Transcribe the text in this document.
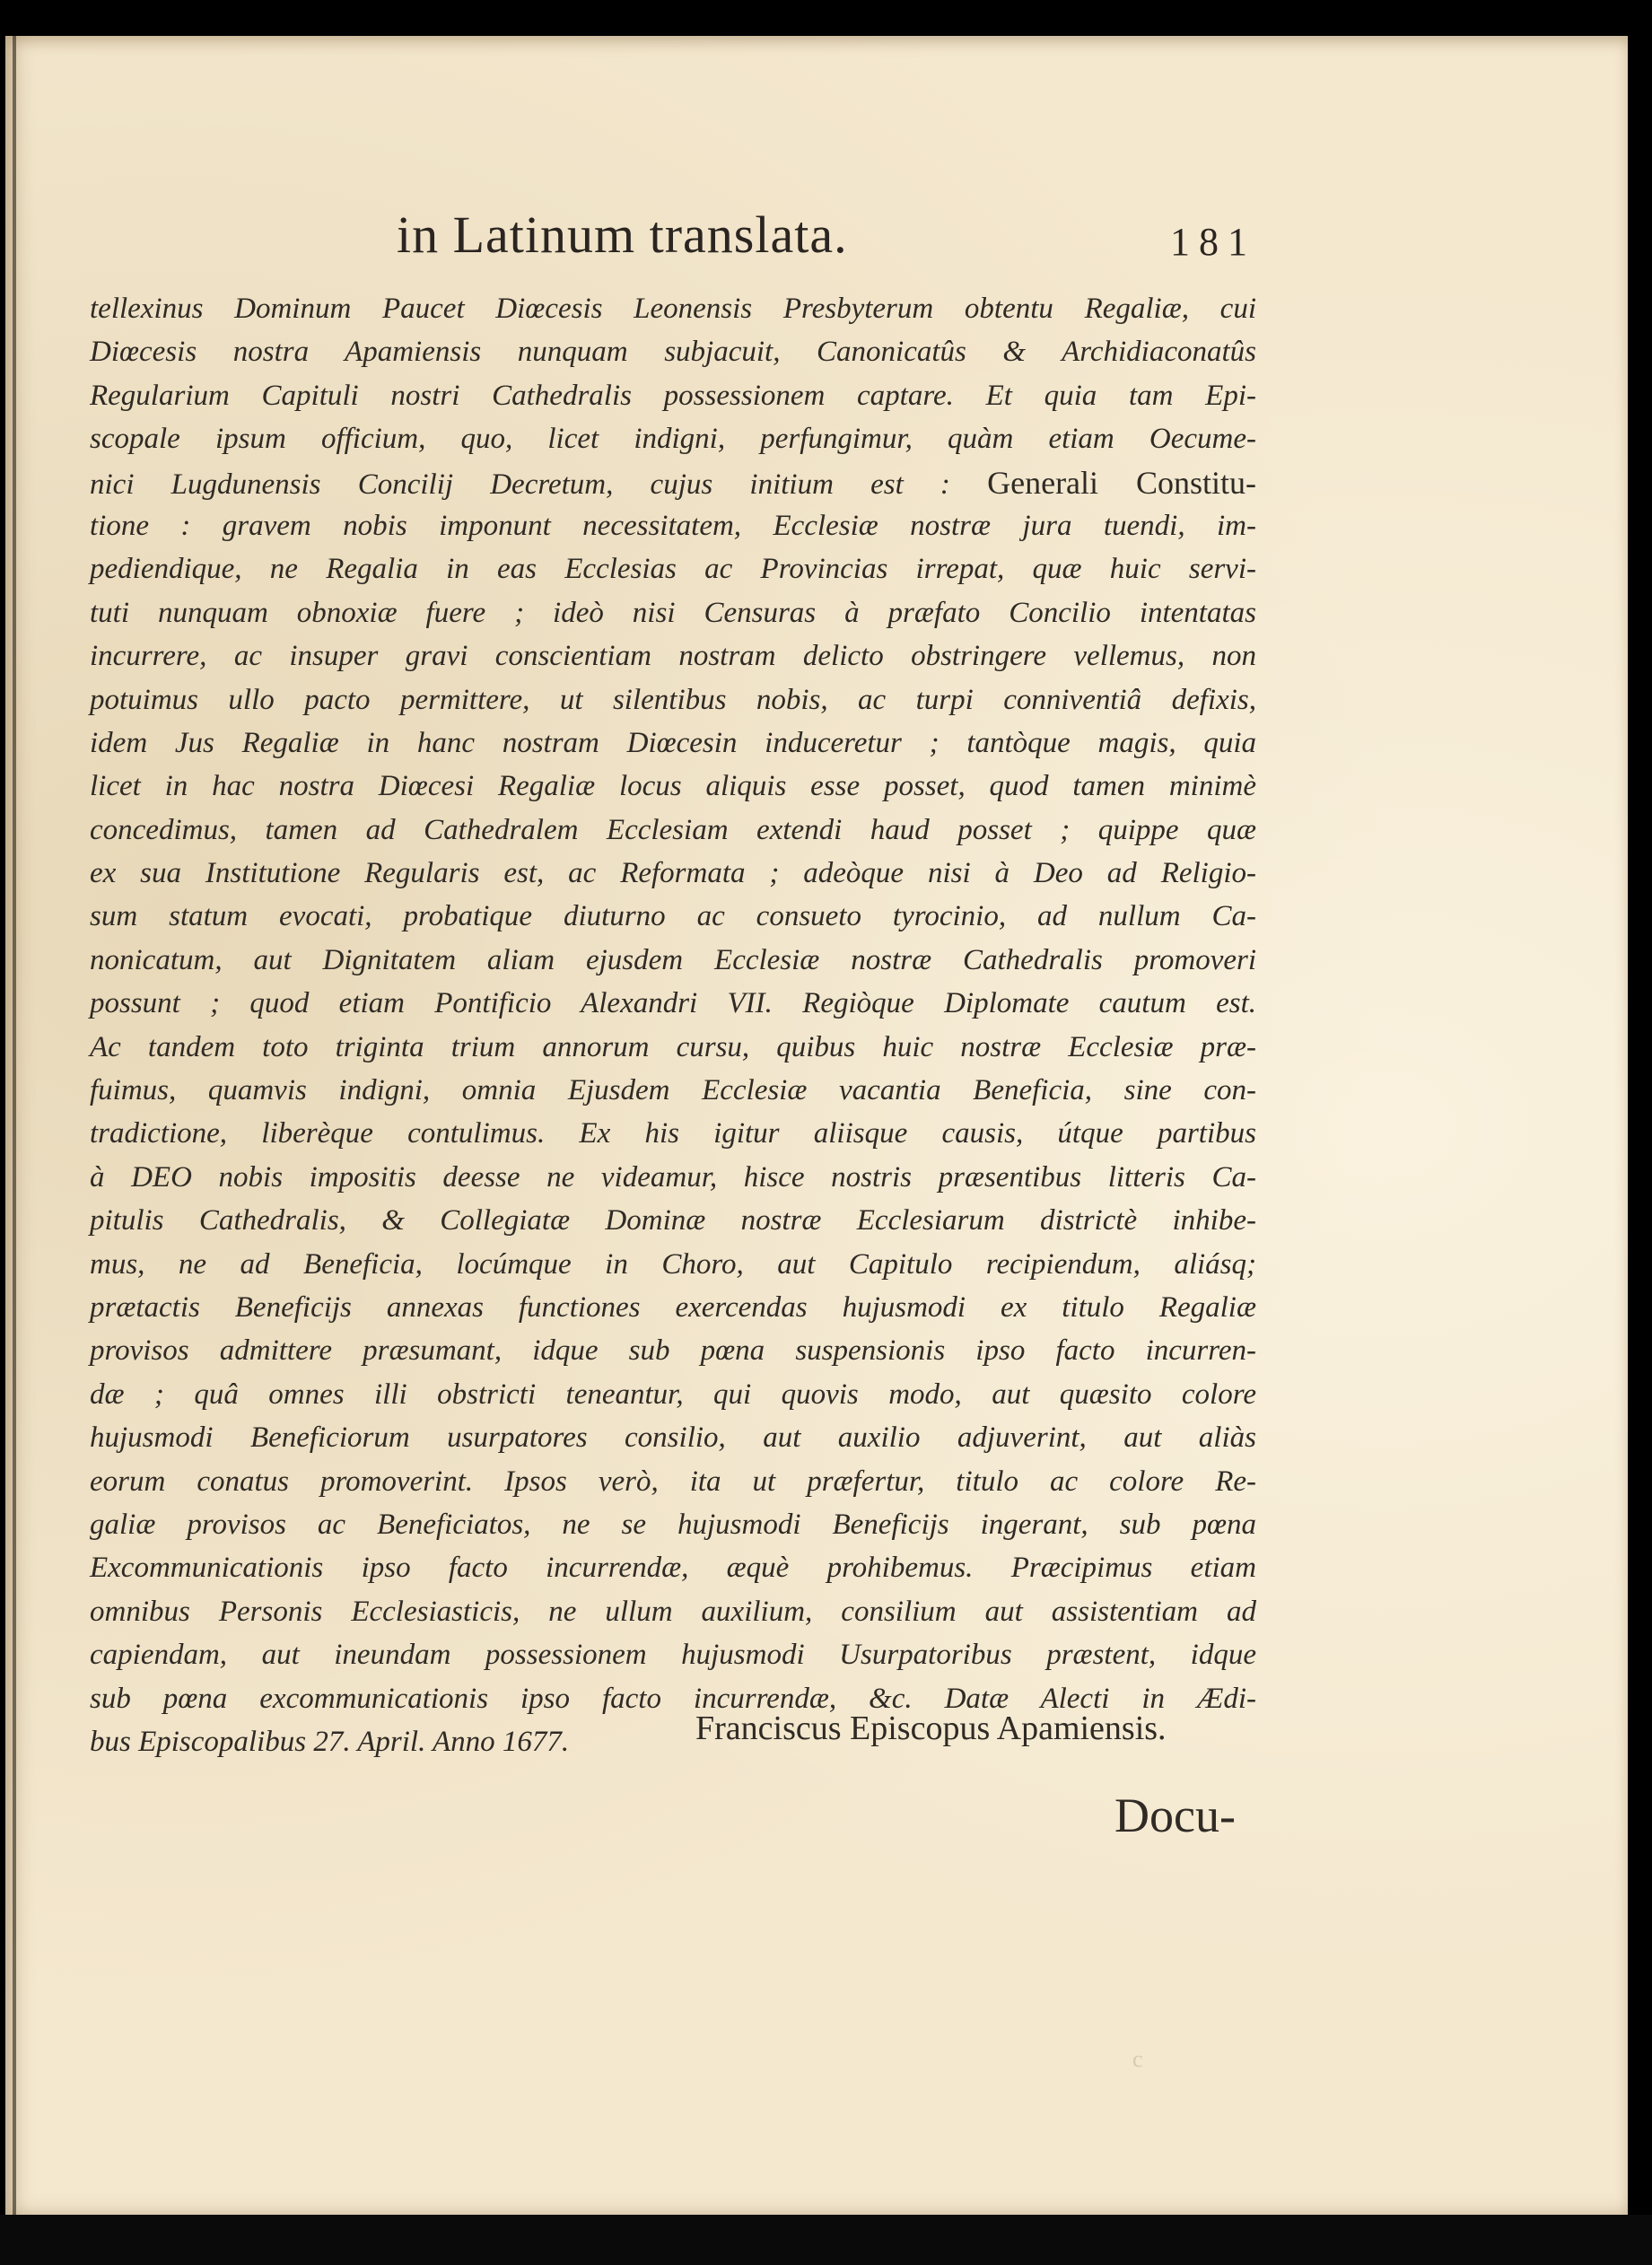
in Latinum translata.	181
tellexinus Dominum Paucet Diœcesis Leonensis Presbyterum obtentu Regaliæ, cui
Diœcesis nostra Apamiensis nunquam subjacuit, Canonicatûs & Archidiaconatûs
Regularium Capituli nostri Cathedralis possessionem captare. Et quia tam Epi-
scopale ipsum officium, quo, licet indigni, perfungimur, quàm etiam Oecume-
nici Lugdunensis Concilij Decretum, cujus initium est : Generali Constitu-
tione : gravem nobis imponunt necessitatem, Ecclesiæ nostræ jura tuendi, im-
pediendique, ne Regalia in eas Ecclesias ac Provincias irrepat, quæ huic servi-
tuti nunquam obnoxiæ fuere ; ideò nisi Censuras à præfato Concilio intentatas
incurrere, ac insuper gravi conscientiam nostram delicto obstringere vellemus, non
potuimus ullo pacto permittere, ut silentibus nobis, ac turpi conniventiâ defixis,
idem Jus Regaliæ in hanc nostram Diœcesin induceretur ; tantòque magis, quia
licet in hac nostra Diœcesi Regaliæ locus aliquis esse posset, quod tamen minimè
concedimus, tamen ad Cathedralem Ecclesiam extendi haud posset ; quippe quæ
ex sua Institutione Regularis est, ac Reformata ; adeòque nisi à Deo ad Religio-
sum statum evocati, probatique diuturno ac consueto tyrocinio, ad nullum Ca-
nonicatum, aut Dignitatem aliam ejusdem Ecclesiæ nostræ Cathedralis promoveri
possunt ; quod etiam Pontificio Alexandri VII. Regiòque Diplomate cautum est.
Ac tandem toto triginta trium annorum cursu, quibus huic nostræ Ecclesiæ præ-
fuimus, quamvis indigni, omnia Ejusdem Ecclesiæ vacantia Beneficia, sine con-
tradictione, liberèque contulimus. Ex his igitur aliisque causis, útque partibus
à DEO nobis impositis deesse ne videamur, hisce nostris præsentibus litteris Ca-
pitulis Cathedralis, & Collegiatæ Dominæ nostræ Ecclesiarum districtè inhibe-
mus, ne ad Beneficia, locúmque in Choro, aut Capitulo recipiendum, aliásq;
prætactis Beneficijs annexas functiones exercendas hujusmodi ex titulo Regaliæ
provisos admittere præsumant, idque sub pœna suspensionis ipso facto incurren-
dæ ; quâ omnes illi obstricti teneantur, qui quovis modo, aut quæsito colore
hujusmodi Beneficiorum usurpatores consilio, aut auxilio adjuverint, aut aliàs
eorum conatus promoverint. Ipsos verò, ita ut præfertur, titulo ac colore Re-
galiæ provisos ac Beneficiatos, ne se hujusmodi Beneficijs ingerant, sub pœna
Excommunicationis ipso facto incurrendæ, æquè prohibemus. Præcipimus etiam
omnibus Personis Ecclesiasticis, ne ullum auxilium, consilium aut assistentiam ad
capiendam, aut ineundam possessionem hujusmodi Usurpatoribus præstent, idque
sub pœna excommunicationis ipso facto incurrendæ, &c. Datæ Alecti in Ædi-
bus Episcopalibus 27. April. Anno 1677.	Franciscus Episcopus Apamiensis.
Docu-
c
